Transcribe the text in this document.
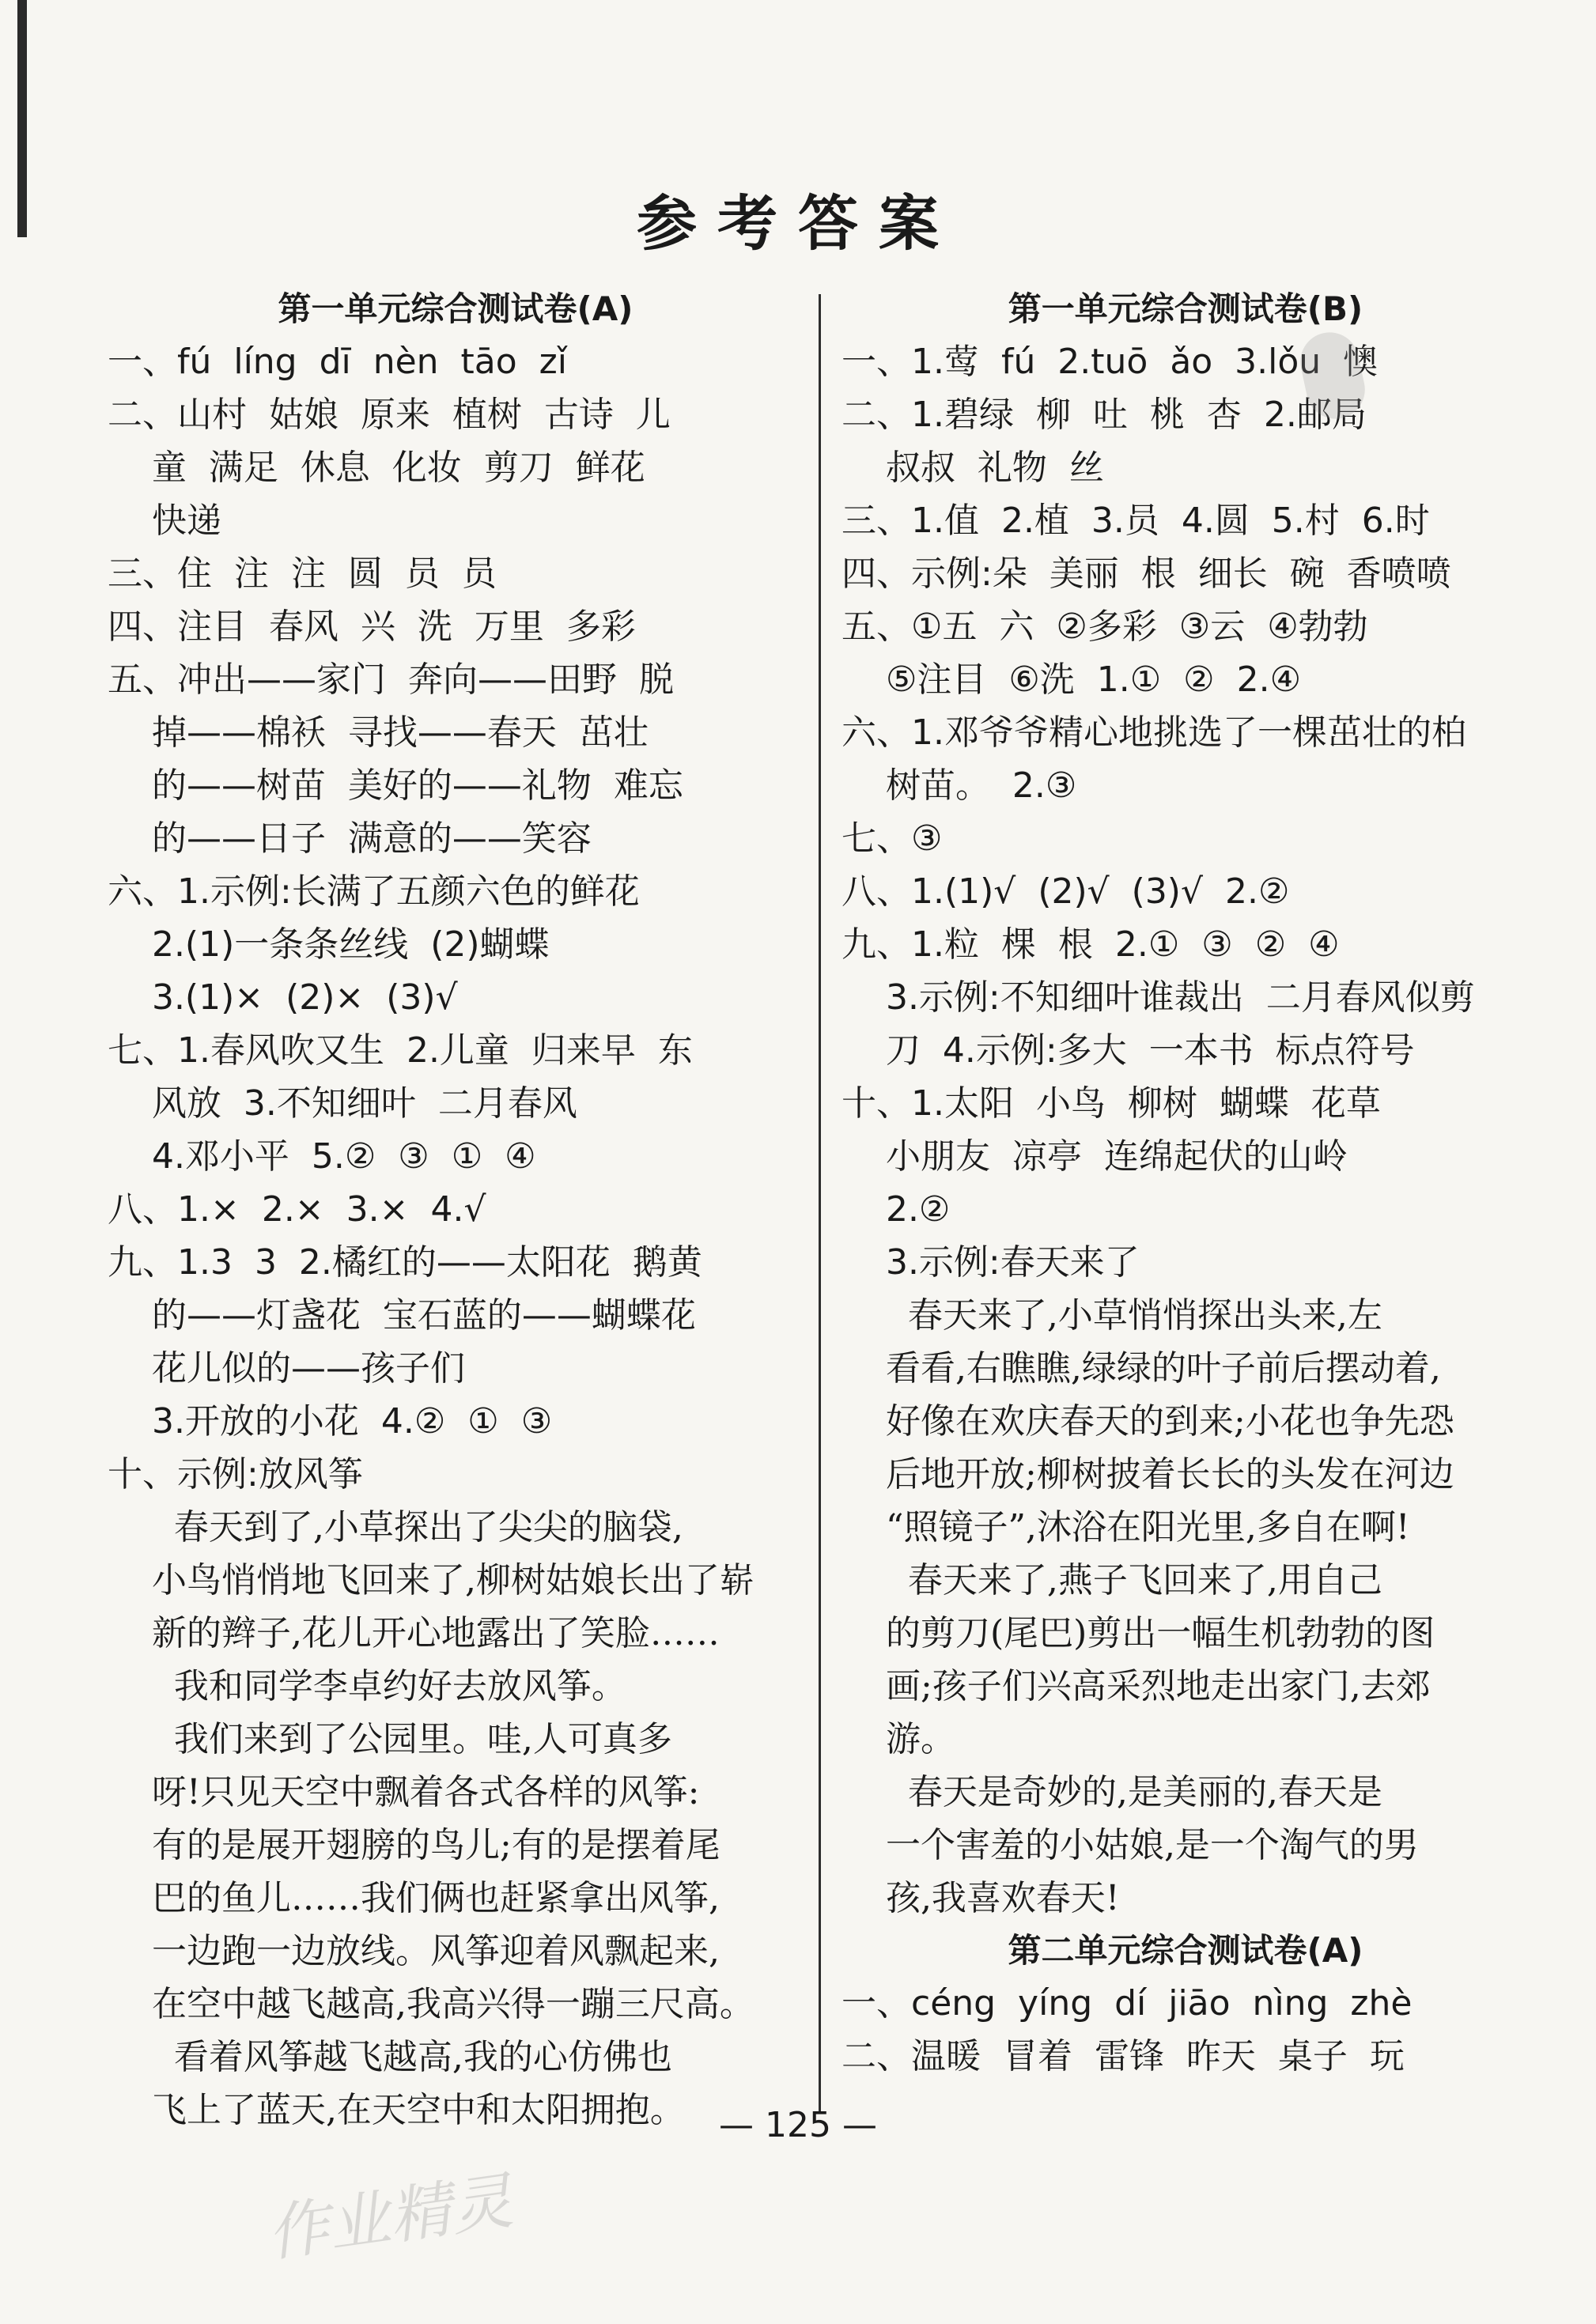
参考答案
第一单元综合测试卷(A)
一、fú  líng  dī  nèn  tāo  zǐ
二、山村  姑娘  原来  植树  古诗  儿
童  满足  休息  化妆  剪刀  鲜花
快递
三、住  注  注  圆  员  员
四、注目  春风  兴  洗  万里  多彩
五、冲出——家门  奔向——田野  脱
掉——棉袄  寻找——春天  茁壮
的——树苗  美好的——礼物  难忘
的——日子  满意的——笑容
六、1.示例:长满了五颜六色的鲜花
2.(1)一条条丝线  (2)蝴蝶
3.(1)×  (2)×  (3)√
七、1.春风吹又生  2.儿童  归来早  东
风放  3.不知细叶  二月春风
4.邓小平  5.②  ③  ①  ④
八、1.×  2.×  3.×  4.√
九、1.3  3  2.橘红的——太阳花  鹅黄
的——灯盏花  宝石蓝的——蝴蝶花
花儿似的——孩子们
3.开放的小花  4.②  ①  ③
十、示例:放风筝
春天到了,小草探出了尖尖的脑袋,
小鸟悄悄地飞回来了,柳树姑娘长出了崭
新的辫子,花儿开心地露出了笑脸……
我和同学李卓约好去放风筝。
我们来到了公园里。哇,人可真多
呀!只见天空中飘着各式各样的风筝:
有的是展开翅膀的鸟儿;有的是摆着尾
巴的鱼儿……我们俩也赶紧拿出风筝,
一边跑一边放线。风筝迎着风飘起来,
在空中越飞越高,我高兴得一蹦三尺高。
看着风筝越飞越高,我的心仿佛也
飞上了蓝天,在天空中和太阳拥抱。
第一单元综合测试卷(B)
一、1.莺  fú  2.tuō  ǎo  3.lǒu  懊
二、1.碧绿  柳  吐  桃  杏  2.邮局
叔叔  礼物  丝
三、1.值  2.植  3.员  4.圆  5.村  6.时
四、示例:朵  美丽  根  细长  碗  香喷喷
五、①五  六  ②多彩  ③云  ④勃勃
⑤注目  ⑥洗  1.①  ②  2.④
六、1.邓爷爷精心地挑选了一棵茁壮的柏
树苗。  2.③
七、③
八、1.(1)√  (2)√  (3)√  2.②
九、1.粒  棵  根  2.①  ③  ②  ④
3.示例:不知细叶谁裁出  二月春风似剪
刀  4.示例:多大  一本书  标点符号
十、1.太阳  小鸟  柳树  蝴蝶  花草
小朋友  凉亭  连绵起伏的山岭
2.②
3.示例:春天来了
春天来了,小草悄悄探出头来,左
看看,右瞧瞧,绿绿的叶子前后摆动着,
好像在欢庆春天的到来;小花也争先恐
后地开放;柳树披着长长的头发在河边
“照镜子”,沐浴在阳光里,多自在啊!
春天来了,燕子飞回来了,用自己
的剪刀(尾巴)剪出一幅生机勃勃的图
画;孩子们兴高采烈地走出家门,去郊
游。
春天是奇妙的,是美丽的,春天是
一个害羞的小姑娘,是一个淘气的男
孩,我喜欢春天!
第二单元综合测试卷(A)
一、céng  yíng  dí  jiāo  nìng  zhè
二、温暖  冒着  雷锋  昨天  桌子  玩
— 125 —
作业精灵
